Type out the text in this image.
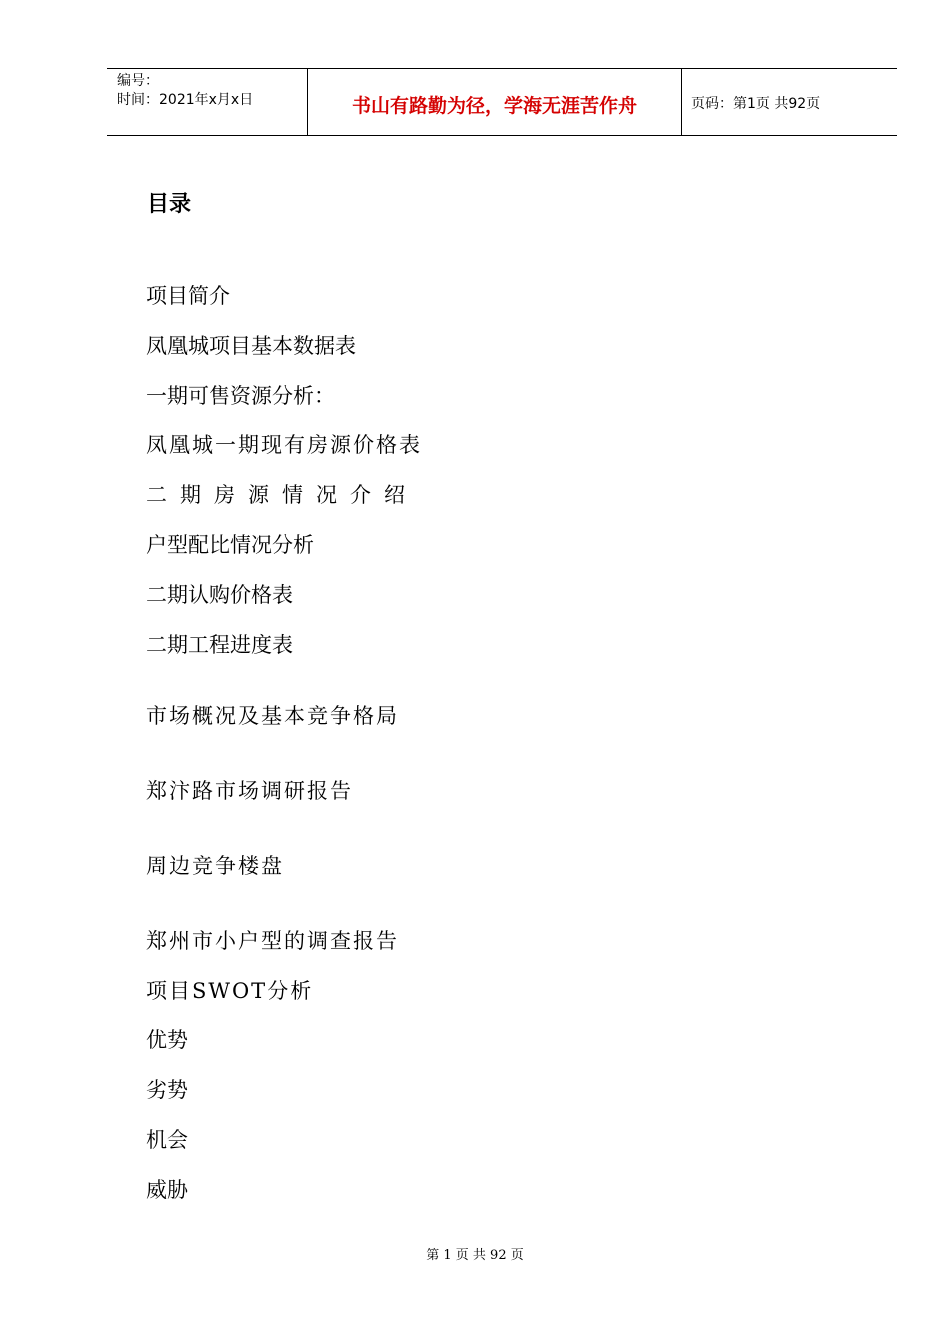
编号：
时间：2021年x月x日	书山有路勤为径，学海无涯苦作舟	页码：第1页 共92页
目录
项目简介
凤凰城项目基本数据表
一期可售资源分析：
凤凰城一期现有房源价格表
二期房源情况介绍
户型配比情况分析
二期认购价格表
二期工程进度表
市场概况及基本竞争格局
郑汴路市场调研报告
周边竞争楼盘
郑州市小户型的调查报告
项目SWOT分析
优势
劣势
机会
威胁
第 1 页 共 92 页
